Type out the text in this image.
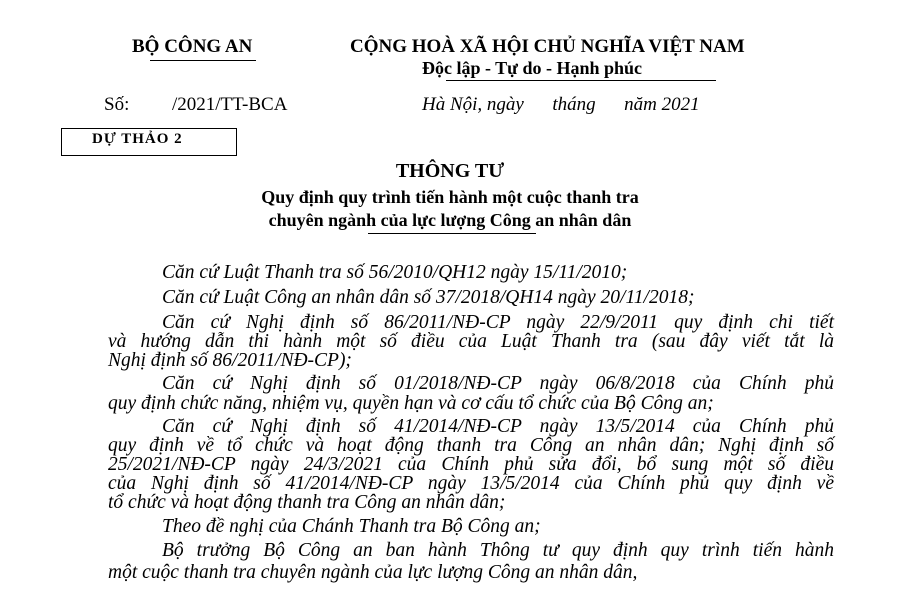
BỘ CÔNG AN	CỘNG HOÀ XÃ HỘI CHỦ NGHĨA VIỆT NAM
Độc lập - Tự do - Hạnh phúc
Số: /2021/TT-BCA	Hà Nội, ngày      tháng      năm 2021
DỰ THẢO 2
THÔNG TƯ
Quy định quy trình tiến hành một cuộc thanh tra
chuyên ngành của lực lượng Công an nhân dân
Căn cứ Luật Thanh tra số 56/2010/QH12 ngày 15/11/2010;
Căn cứ Luật Công an nhân dân số 37/2018/QH14 ngày 20/11/2018;
Căn cứ Nghị định số 86/2011/NĐ-CP ngày 22/9/2011 quy định chi tiết
và hướng dẫn thi hành một số điều của Luật Thanh tra (sau đây viết tắt là
Nghị định số 86/2011/NĐ-CP);
Căn cứ Nghị định số 01/2018/NĐ-CP ngày 06/8/2018 của Chính phủ
quy định chức năng, nhiệm vụ, quyền hạn và cơ cấu tổ chức của Bộ Công an;
Căn cứ Nghị định số 41/2014/NĐ-CP ngày 13/5/2014 của Chính phủ
quy định về tổ chức và hoạt động thanh tra Công an nhân dân; Nghị định số
25/2021/NĐ-CP ngày 24/3/2021 của Chính phủ sửa đổi, bổ sung một số điều
của Nghị định số 41/2014/NĐ-CP ngày 13/5/2014 của Chính phủ quy định về
tổ chức và hoạt động thanh tra Công an nhân dân;
Theo đề nghị của Chánh Thanh tra Bộ Công an;
Bộ trưởng Bộ Công an ban hành Thông tư quy định quy trình tiến hành
một cuộc thanh tra chuyên ngành của lực lượng Công an nhân dân,
